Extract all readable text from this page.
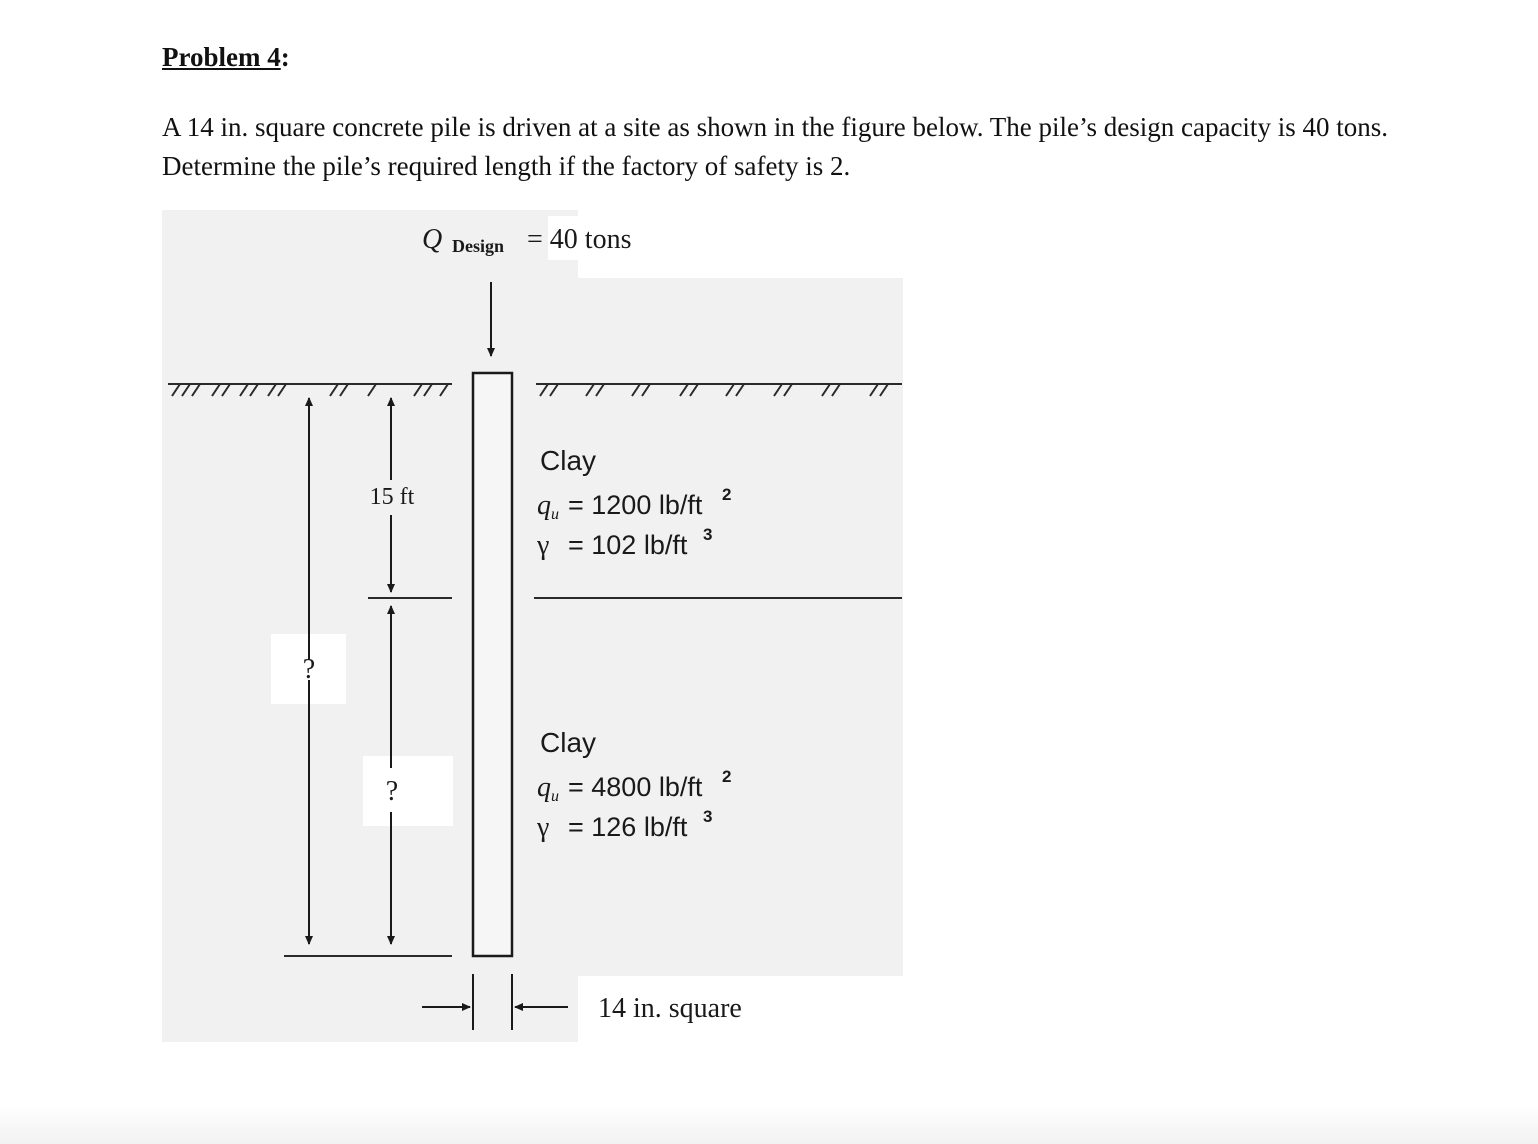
Problem 4:

A 14 in. square concrete pile is driven at a site as shown in the figure below. The pile’s design capacity is 40 tons. Determine the pile’s required length if the factory of safety is 2.

Q Design = 40 tons
?
15 ft
?
Clay
q u = 1200 lb/ft 2
γ = 102 lb/ft 3
Clay
q u = 4800 lb/ft 2
γ = 126 lb/ft 3
14 in. square
